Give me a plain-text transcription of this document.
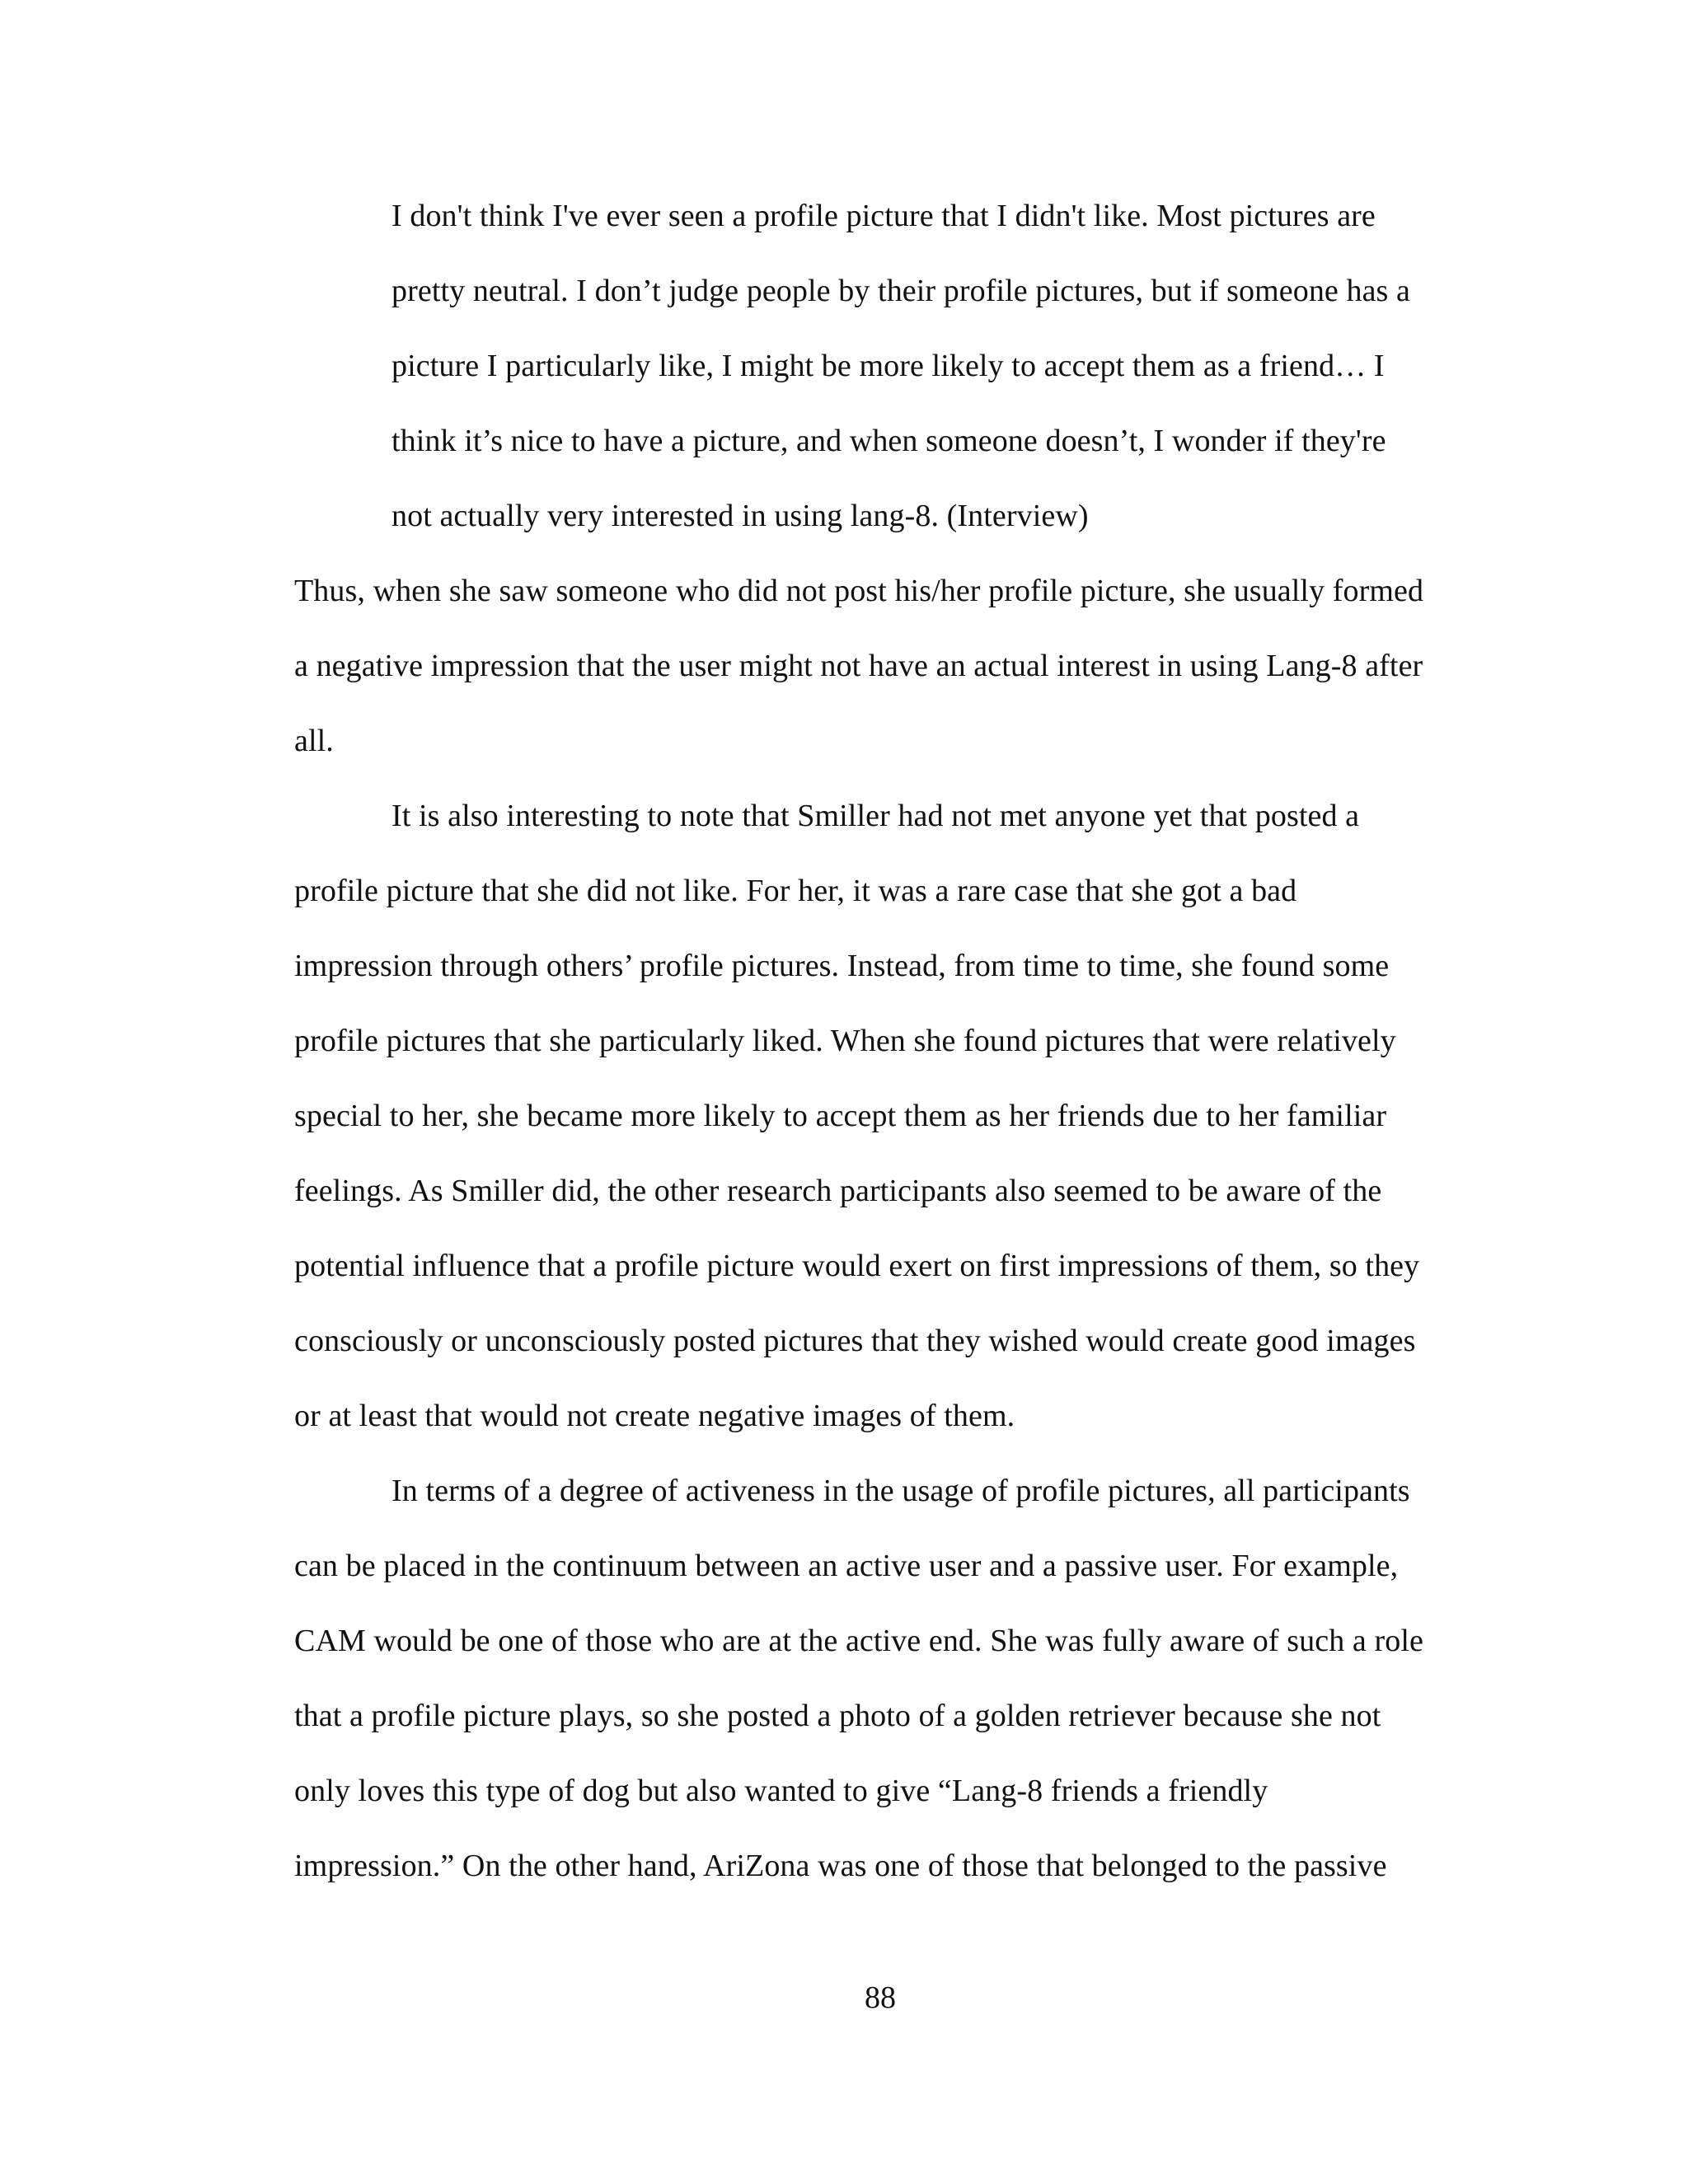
I don't think I've ever seen a profile picture that I didn't like. Most pictures are
pretty neutral. I don’t judge people by their profile pictures, but if someone has a
picture I particularly like, I might be more likely to accept them as a friend… I
think it’s nice to have a picture, and when someone doesn’t, I wonder if they're
not actually very interested in using lang-8. (Interview)
Thus, when she saw someone who did not post his/her profile picture, she usually formed
a negative impression that the user might not have an actual interest in using Lang-8 after
all.
It is also interesting to note that Smiller had not met anyone yet that posted a
profile picture that she did not like. For her, it was a rare case that she got a bad
impression through others’ profile pictures. Instead, from time to time, she found some
profile pictures that she particularly liked. When she found pictures that were relatively
special to her, she became more likely to accept them as her friends due to her familiar
feelings. As Smiller did, the other research participants also seemed to be aware of the
potential influence that a profile picture would exert on first impressions of them, so they
consciously or unconsciously posted pictures that they wished would create good images
or at least that would not create negative images of them.
In terms of a degree of activeness in the usage of profile pictures, all participants
can be placed in the continuum between an active user and a passive user. For example,
CAM would be one of those who are at the active end. She was fully aware of such a role
that a profile picture plays, so she posted a photo of a golden retriever because she not
only loves this type of dog but also wanted to give “Lang-8 friends a friendly
impression.” On the other hand, AriZona was one of those that belonged to the passive
88
